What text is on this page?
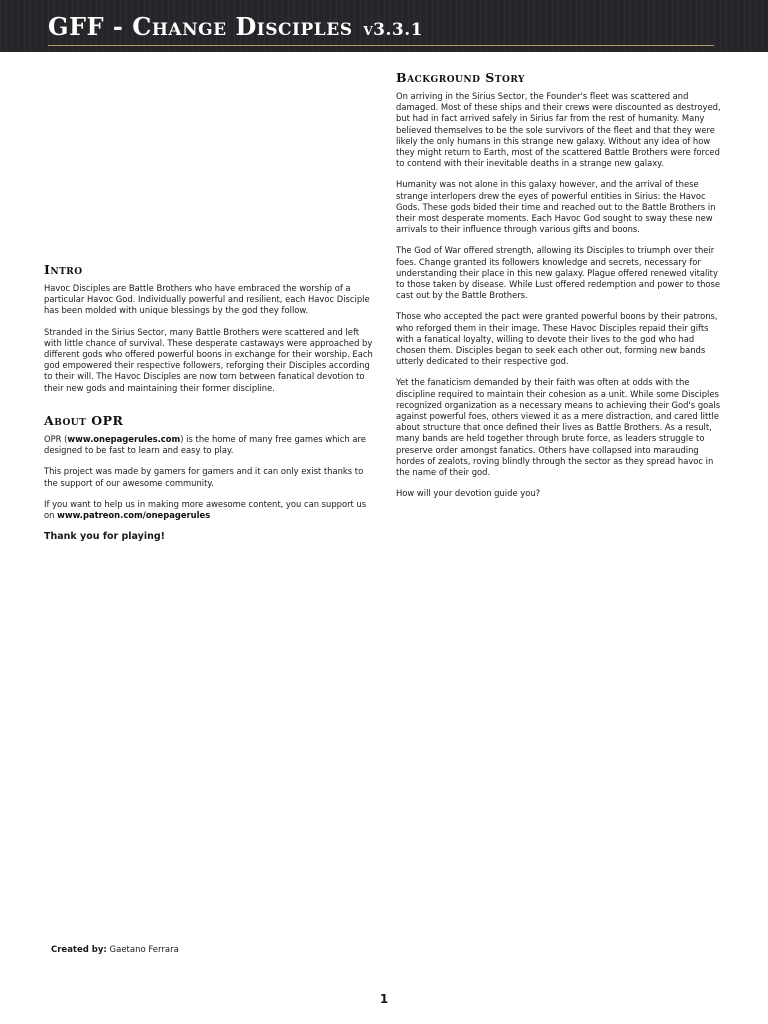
GFF - Change Disciples v3.3.1
Intro

Havoc Disciples are Battle Brothers who have embraced the worship of a particular Havoc God. Individually powerful and resilient, each Havoc Disciple has been molded with unique blessings by the god they follow.

Stranded in the Sirius Sector, many Battle Brothers were scattered and left with little chance of survival. These desperate castaways were approached by different gods who offered powerful boons in exchange for their worship. Each god empowered their respective followers, reforging their Disciples according to their will. The Havoc Disciples are now torn between fanatical devotion to their new gods and maintaining their former discipline.

About OPR

OPR (www.onepagerules.com) is the home of many free games which are designed to be fast to learn and easy to play.

This project was made by gamers for gamers and it can only exist thanks to the support of our awesome community.

If you want to help us in making more awesome content, you can support us on www.patreon.com/onepagerules

Thank you for playing!

Background Story

On arriving in the Sirius Sector, the Founder's fleet was scattered and damaged. Most of these ships and their crews were discounted as destroyed, but had in fact arrived safely in Sirius far from the rest of humanity. Many believed themselves to be the sole survivors of the fleet and that they were likely the only humans in this strange new galaxy. Without any idea of how they might return to Earth, most of the scattered Battle Brothers were forced to contend with their inevitable deaths in a strange new galaxy.

Humanity was not alone in this galaxy however, and the arrival of these strange interlopers drew the eyes of powerful entities in Sirius: the Havoc Gods. These gods bided their time and reached out to the Battle Brothers in their most desperate moments. Each Havoc God sought to sway these new arrivals to their influence through various gifts and boons.

The God of War offered strength, allowing its Disciples to triumph over their foes. Change granted its followers knowledge and secrets, necessary for understanding their place in this new galaxy. Plague offered renewed vitality to those taken by disease. While Lust offered redemption and power to those cast out by the Battle Brothers.

Those who accepted the pact were granted powerful boons by their patrons, who reforged them in their image. These Havoc Disciples repaid their gifts with a fanatical loyalty, willing to devote their lives to the god who had chosen them. Disciples began to seek each other out, forming new bands utterly dedicated to their respective god.

Yet the fanaticism demanded by their faith was often at odds with the discipline required to maintain their cohesion as a unit. While some Disciples recognized organization as a necessary means to achieving their God's goals against powerful foes, others viewed it as a mere distraction, and cared little about structure that once defined their lives as Battle Brothers. As a result, many bands are held together through brute force, as leaders struggle to preserve order amongst fanatics. Others have collapsed into marauding hordes of zealots, roving blindly through the sector as they spread havoc in the name of their god.

How will your devotion guide you?

Created by: Gaetano Ferrara
1
